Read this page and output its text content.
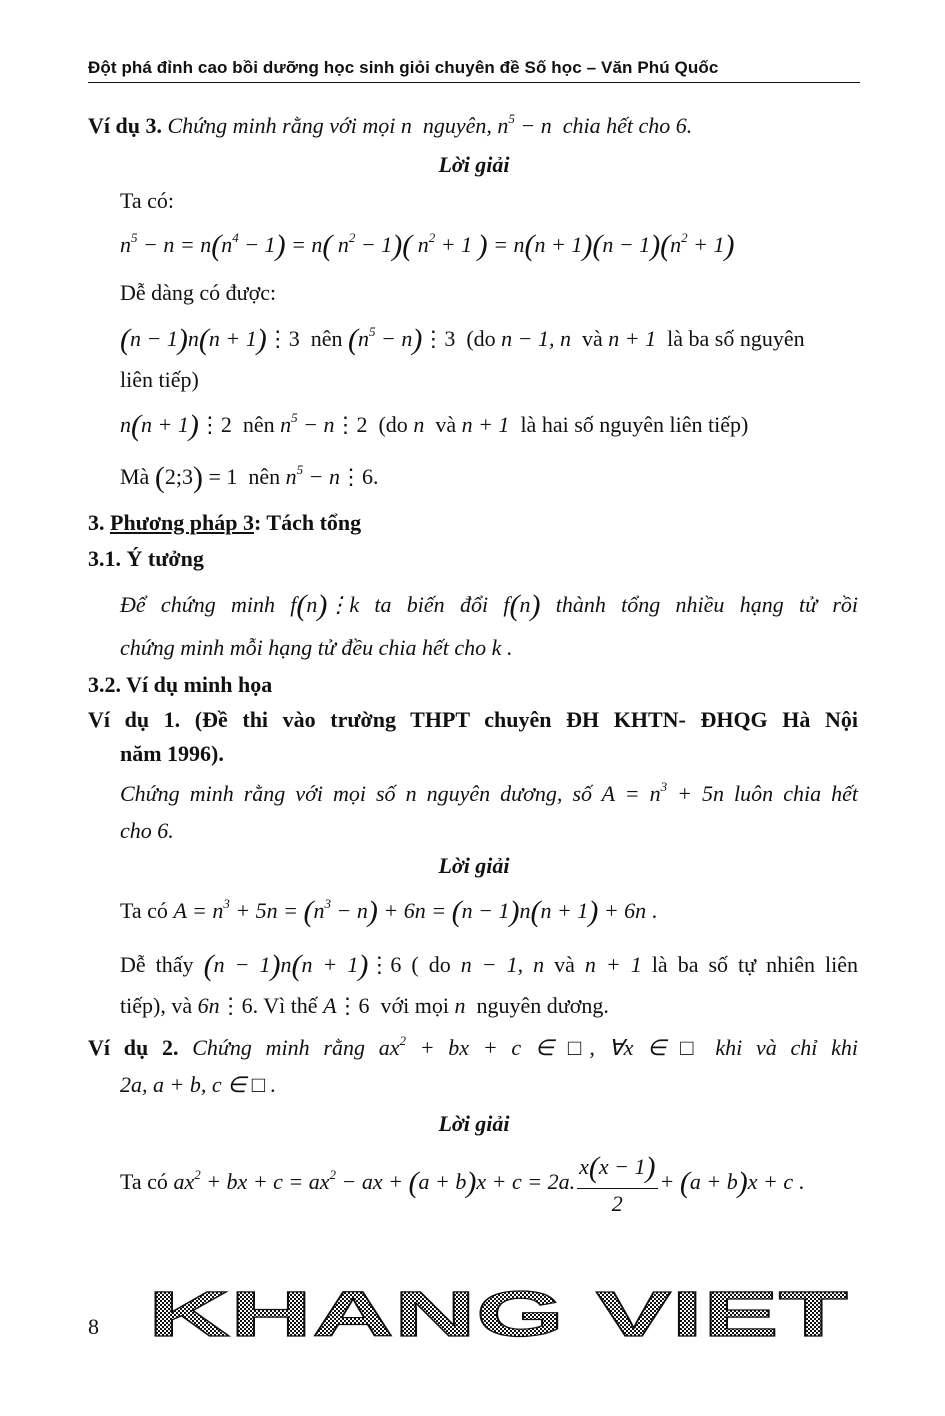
Đột phá đỉnh cao bồi dưỡng học sinh giỏi chuyên đề Số học – Văn Phú Quốc
Ví dụ 3. Chứng minh rằng với mọi n nguyên, $n^5 - n$ chia hết cho 6.
Lời giải
Ta có:
$n^5 - n = n(n^4 - 1) = n$( $n^2 - 1$)( $n^2 + 1$ ) = $n(n + 1)(n - 1)(n^2 + 1)$
Dễ dàng có được:
(n − 1)n(n + 1)⋮3  nên ($n^5$ − n)⋮3  (do n − 1, n và n + 1 là ba số nguyên
liên tiếp)
n(n + 1)⋮2  nên $n^5$ − n⋮2  (do n và n + 1 là hai số nguyên liên tiếp)
Mà (2;3) = 1  nên $n^5$ − n⋮6.
3. Phương pháp 3: Tách tổng
3.1. Ý tưởng
Để chứng minh f(n)⋮k ta biến đổi f(n) thành tổng nhiều hạng tử rồi
chứng minh mỗi hạng tử đều chia hết cho k .
3.2. Ví dụ minh họa
Ví dụ 1. (Đề thi vào trường THPT chuyên ĐH KHTN- ĐHQG Hà Nội
năm 1996).
Chứng minh rằng với mọi số n nguyên dương, số $A = n^3 + 5n$ luôn chia hết
cho 6.
Lời giải
Ta có $A = n^3 + 5n = (n^3 - n) + 6n = (n - 1)n(n + 1) + 6n$ .
Dễ thấy (n − 1)n(n + 1)⋮6 ( do n − 1, n và n + 1 là ba số tự nhiên liên
tiếp), và 6n⋮6. Vì thế A⋮6  với mọi n nguyên dương.
Ví dụ 2. Chứng minh rằng $ax^2$ + bx + c ∈ □, ∀x ∈ □ khi và chỉ khi
2a, a + b, c ∈ □ .
Lời giải
Ta có $ax^2$ + bx + $c = ax^2$ − ax + (a + b)x + c = 2a. $\frac{x(x - 1)}{2} + (a + b)x + c$ .
8 KHANG VIET
